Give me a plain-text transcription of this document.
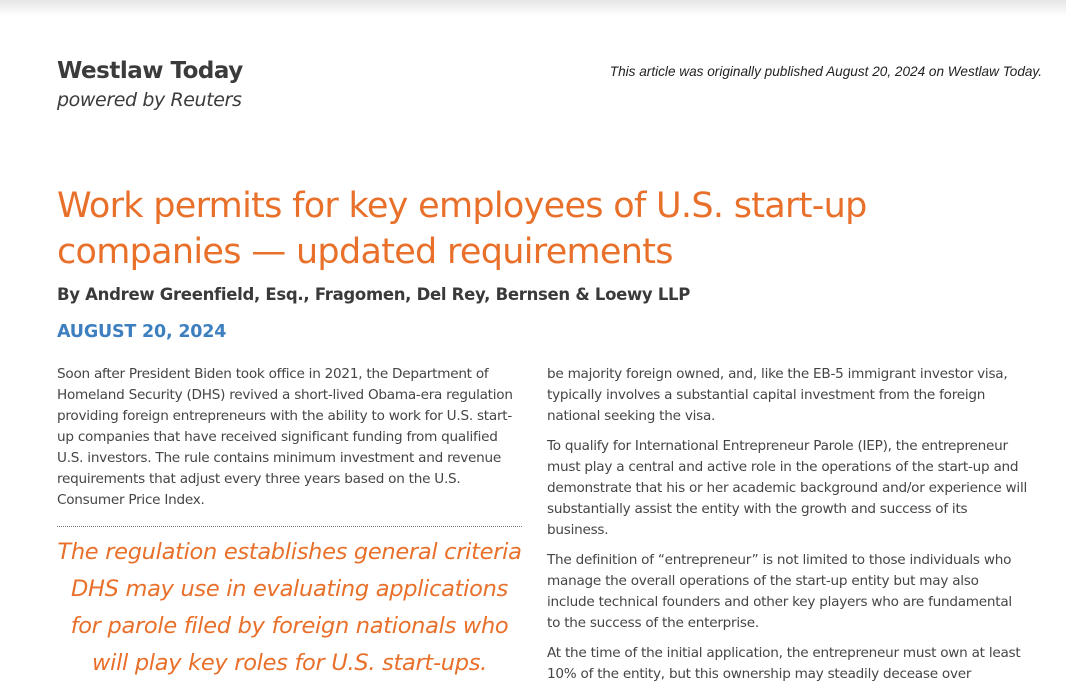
Westlaw Today
powered by Reuters
This article was originally published August 20, 2024 on Westlaw Today.
Work permits for key employees of U.S. start-up companies — updated requirements
By Andrew Greenfield, Esq., Fragomen, Del Rey, Bernsen & Loewy LLP
AUGUST 20, 2024

Soon after President Biden took office in 2021, the Department of Homeland Security (DHS) revived a short-lived Obama-era regulation providing foreign entrepreneurs with the ability to work for U.S. start-up companies that have received significant funding from qualified U.S. investors. The rule contains minimum investment and revenue requirements that adjust every three years based on the U.S. Consumer Price Index.

The regulation establishes general criteria DHS may use in evaluating applications for parole filed by foreign nationals who will play key roles for U.S. start-ups.

be majority foreign owned, and, like the EB-5 immigrant investor visa, typically involves a substantial capital investment from the foreign national seeking the visa.

To qualify for International Entrepreneur Parole (IEP), the entrepreneur must play a central and active role in the operations of the start-up and demonstrate that his or her academic background and/or experience will substantially assist the entity with the growth and success of its business.

The definition of “entrepreneur” is not limited to those individuals who manage the overall operations of the start-up entity but may also include technical founders and other key players who are fundamental to the success of the enterprise.

At the time of the initial application, the entrepreneur must own at least 10% of the entity, but this ownership may steadily decease over
